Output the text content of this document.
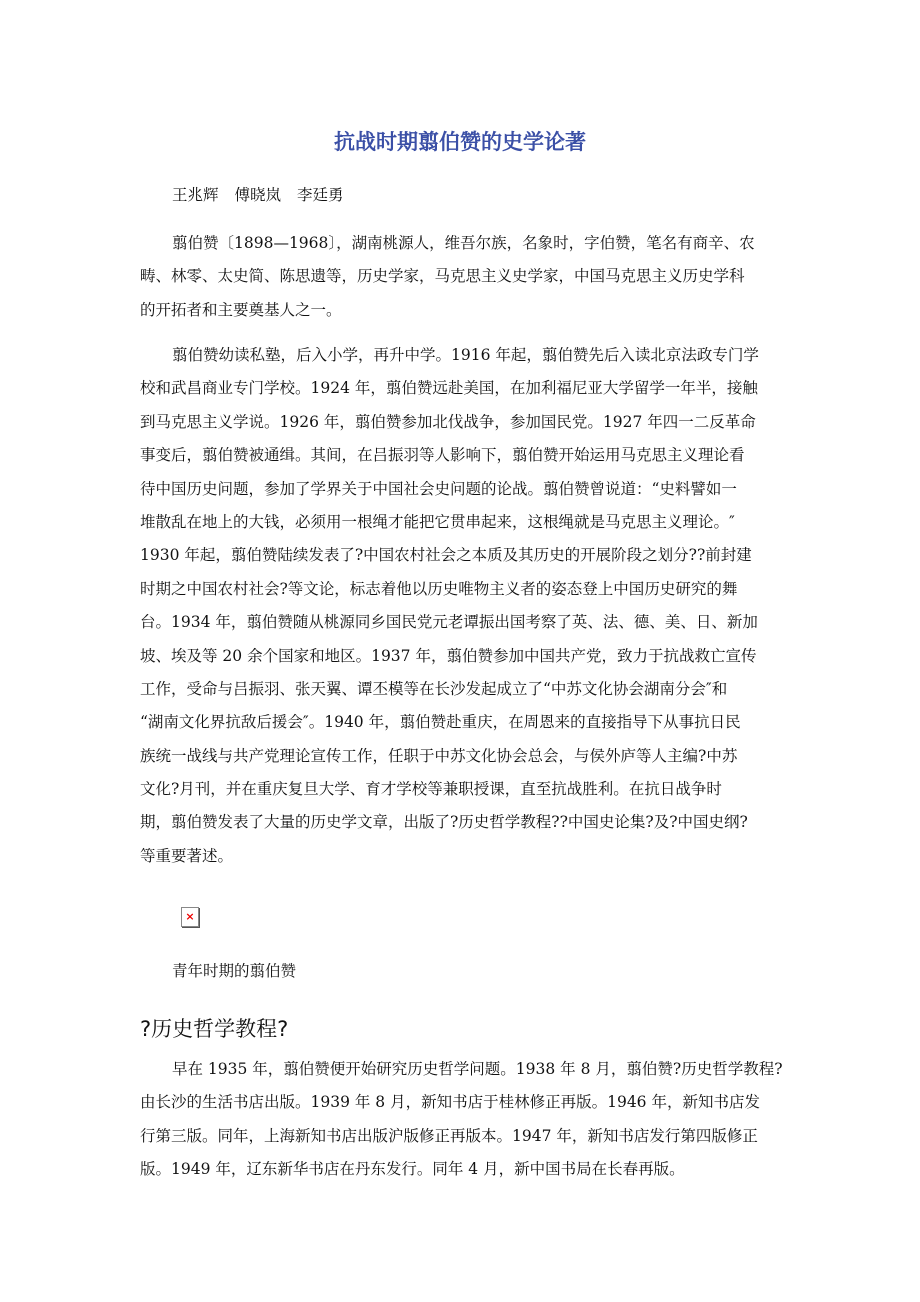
抗战时期翦伯赞的史学论著
王兆辉 傅晓岚 李廷勇
翦伯赞〔1898—1968〕，湖南桃源人，维吾尔族，名象时，字伯赞，笔名有商辛、农
畴、林零、太史简、陈思遗等，历史学家，马克思主义史学家，中国马克思主义历史学科
的开拓者和主要奠基人之一。
翦伯赞幼读私塾，后入小学，再升中学。1916 年起，翦伯赞先后入读北京法政专门学
校和武昌商业专门学校。1924 年，翦伯赞远赴美国，在加利福尼亚大学留学一年半，接触
到马克思主义学说。1926 年，翦伯赞参加北伐战争，参加国民党。1927 年四一二反革命
事变后，翦伯赞被通缉。其间，在吕振羽等人影响下，翦伯赞开始运用马克思主义理论看
待中国历史问题，参加了学界关于中国社会史问题的论战。翦伯赞曾说道：“史料譬如一
堆散乱在地上的大钱，必须用一根绳才能把它贯串起来，这根绳就是马克思主义理论。″
1930 年起，翦伯赞陆续发表了?中国农村社会之本质及其历史的开展阶段之划分??前封建
时期之中国农村社会?等文论，标志着他以历史唯物主义者的姿态登上中国历史研究的舞
台。1934 年，翦伯赞随从桃源同乡国民党元老谭振出国考察了英、法、德、美、日、新加
坡、埃及等 20 余个国家和地区。1937 年，翦伯赞参加中国共产党，致力于抗战救亡宣传
工作，受命与吕振羽、张天翼、谭丕模等在长沙发起成立了“中苏文化协会湖南分会″和
“湖南文化界抗敌后援会″。1940 年，翦伯赞赴重庆，在周恩来的直接指导下从事抗日民
族统一战线与共产党理论宣传工作，任职于中苏文化协会总会，与侯外庐等人主编?中苏
文化?月刊，并在重庆复旦大学、育才学校等兼职授课，直至抗战胜利。在抗日战争时
期，翦伯赞发表了大量的历史学文章，出版了?历史哲学教程??中国史论集?及?中国史纲?
等重要著述。
×
青年时期的翦伯赞
?历史哲学教程?
早在 1935 年，翦伯赞便开始研究历史哲学问题。1938 年 8 月，翦伯赞?历史哲学教程?
由长沙的生活书店出版。1939 年 8 月，新知书店于桂林修正再版。1946 年，新知书店发
行第三版。同年，上海新知书店出版沪版修正再版本。1947 年，新知书店发行第四版修正
版。1949 年，辽东新华书店在丹东发行。同年 4 月，新中国书局在长春再版。
